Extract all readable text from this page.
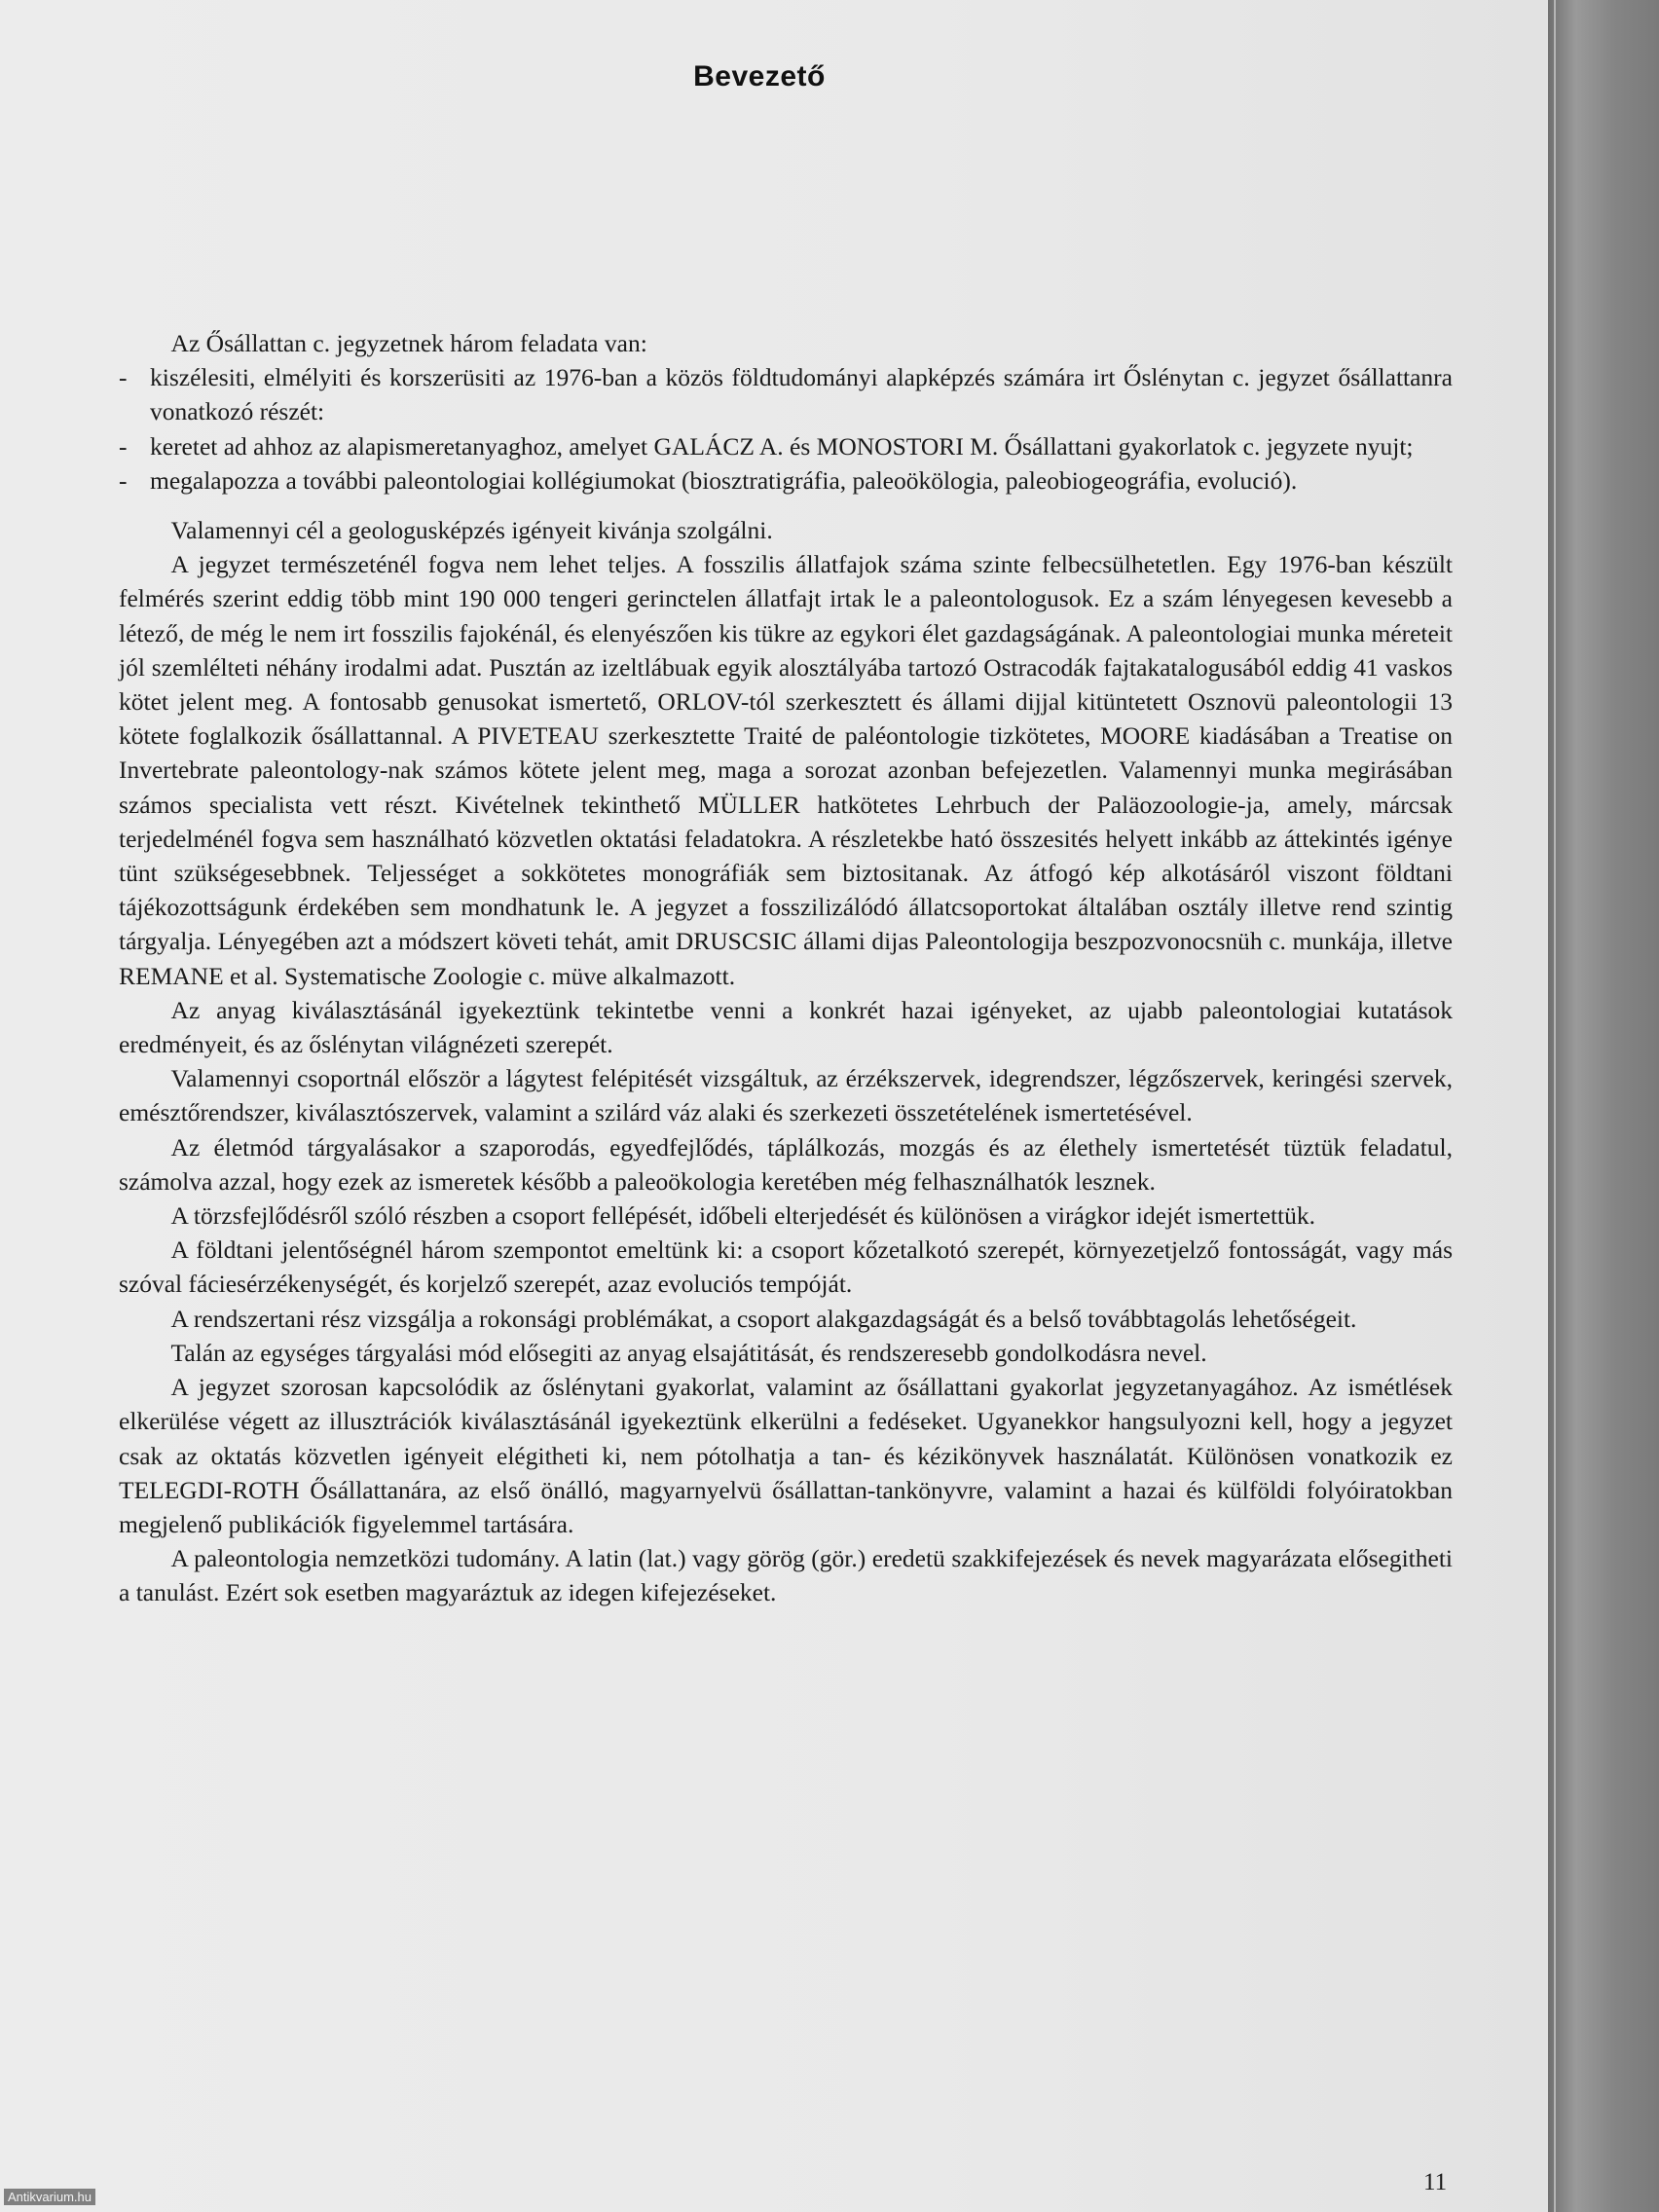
Bevezető

Az Ősállattan c. jegyzetnek három feladata van:

- kiszélesiti, elmélyiti és korszerüsiti az 1976-ban a közös földtudományi alapképzés számára irt Őslénytan c. jegyzet ősállattanra vonatkozó részét:
- keretet ad ahhoz az alapismeretanyaghoz, amelyet GALÁCZ A. és MONOSTORI M. Ősállattani gyakorlatok c. jegyzete nyujt;
- megalapozza a további paleontologiai kollégiumokat (biosztratigráfia, paleoökölogia, paleobiogeográfia, evolució).

Valamennyi cél a geologusképzés igényeit kivánja szolgálni.

A jegyzet természeténél fogva nem lehet teljes. A fosszilis állatfajok száma szinte felbecsülhetetlen. Egy 1976-ban készült felmérés szerint eddig több mint 190 000 tengeri gerinctelen állatfajt irtak le a paleontologusok. Ez a szám lényegesen kevesebb a létező, de még le nem irt fosszilis fajokénál, és elenyészően kis tükre az egykori élet gazdagságának. A paleontologiai munka méreteit jól szemlélteti néhány irodalmi adat. Pusztán az izeltlábuak egyik alosztályába tartozó Ostracodák fajtakatalogusából eddig 41 vaskos kötet jelent meg. A fontosabb genusokat ismertető, ORLOV-tól szerkesztett és állami dijjal kitüntetett Osznovü paleontologii 13 kötete foglalkozik ősállattannal. A PIVETEAU szerkesztette Traité de paléontologie tizkötetes, MOORE kiadásában a Treatise on Invertebrate paleontology-nak számos kötete jelent meg, maga a sorozat azonban befejezetlen. Valamennyi munka megirásában számos specialista vett részt. Kivételnek tekinthető MÜLLER hatkötetes Lehrbuch der Paläozoologie-ja, amely, márcsak terjedelménél fogva sem használható közvetlen oktatási feladatokra. A részletekbe ható összesités helyett inkább az áttekintés igénye tünt szükségesebbnek. Teljességet a sokkötetes monográfiák sem biztositanak. Az átfogó kép alkotásáról viszont földtani tájékozottságunk érdekében sem mondhatunk le. A jegyzet a fosszilizálódó állatcsoportokat általában osztály illetve rend szintig tárgyalja. Lényegében azt a módszert követi tehát, amit DRUSCSIC állami dijas Paleontologija beszpozvonocsnüh c. munkája, illetve REMANE et al. Systematische Zoologie c. müve alkalmazott.

Az anyag kiválasztásánál igyekeztünk tekintetbe venni a konkrét hazai igényeket, az ujabb paleontologiai kutatások eredményeit, és az őslénytan világnézeti szerepét.

Valamennyi csoportnál először a lágytest felépitését vizsgáltuk, az érzékszervek, idegrendszer, légzőszervek, keringési szervek, emésztőrendszer, kiválasztószervek, valamint a szilárd váz alaki és szerkezeti összetételének ismertetésével.

Az életmód tárgyalásakor a szaporodás, egyedfejlődés, táplálkozás, mozgás és az élethely ismertetését tüztük feladatul, számolva azzal, hogy ezek az ismeretek később a paleoökologia keretében még felhasználhatók lesznek.

A törzsfejlődésről szóló részben a csoport fellépését, időbeli elterjedését és különösen a virágkor idejét ismertettük.

A földtani jelentőségnél három szempontot emeltünk ki: a csoport kőzetalkotó szerepét, környezetjelző fontosságát, vagy más szóval fáciesérzékenységét, és korjelző szerepét, azaz evoluciós tempóját.

A rendszertani rész vizsgálja a rokonsági problémákat, a csoport alakgazdagságát és a belső továbbtagolás lehetőségeit.

Talán az egységes tárgyalási mód elősegiti az anyag elsajátitását, és rendszeresebb gondolkodásra nevel.

A jegyzet szorosan kapcsolódik az őslénytani gyakorlat, valamint az ősállattani gyakorlat jegyzetanyagához. Az ismétlések elkerülése végett az illusztrációk kiválasztásánál igyekeztünk elkerülni a fedéseket. Ugyanekkor hangsulyozni kell, hogy a jegyzet csak az oktatás közvetlen igényeit elégitheti ki, nem pótolhatja a tan- és kézikönyvek használatát. Különösen vonatkozik ez TELEGDI-ROTH Ősállattanára, az első önálló, magyarnyelvü ősállattan-tankönyvre, valamint a hazai és külföldi folyóiratokban megjelenő publikációk figyelemmel tartására.

A paleontologia nemzetközi tudomány. A latin (lat.) vagy görög (gör.) eredetü szakkifejezések és nevek magyarázata elősegitheti a tanulást. Ezért sok esetben magyaráztuk az idegen kifejezéseket.

11
Antikvarium.hu
